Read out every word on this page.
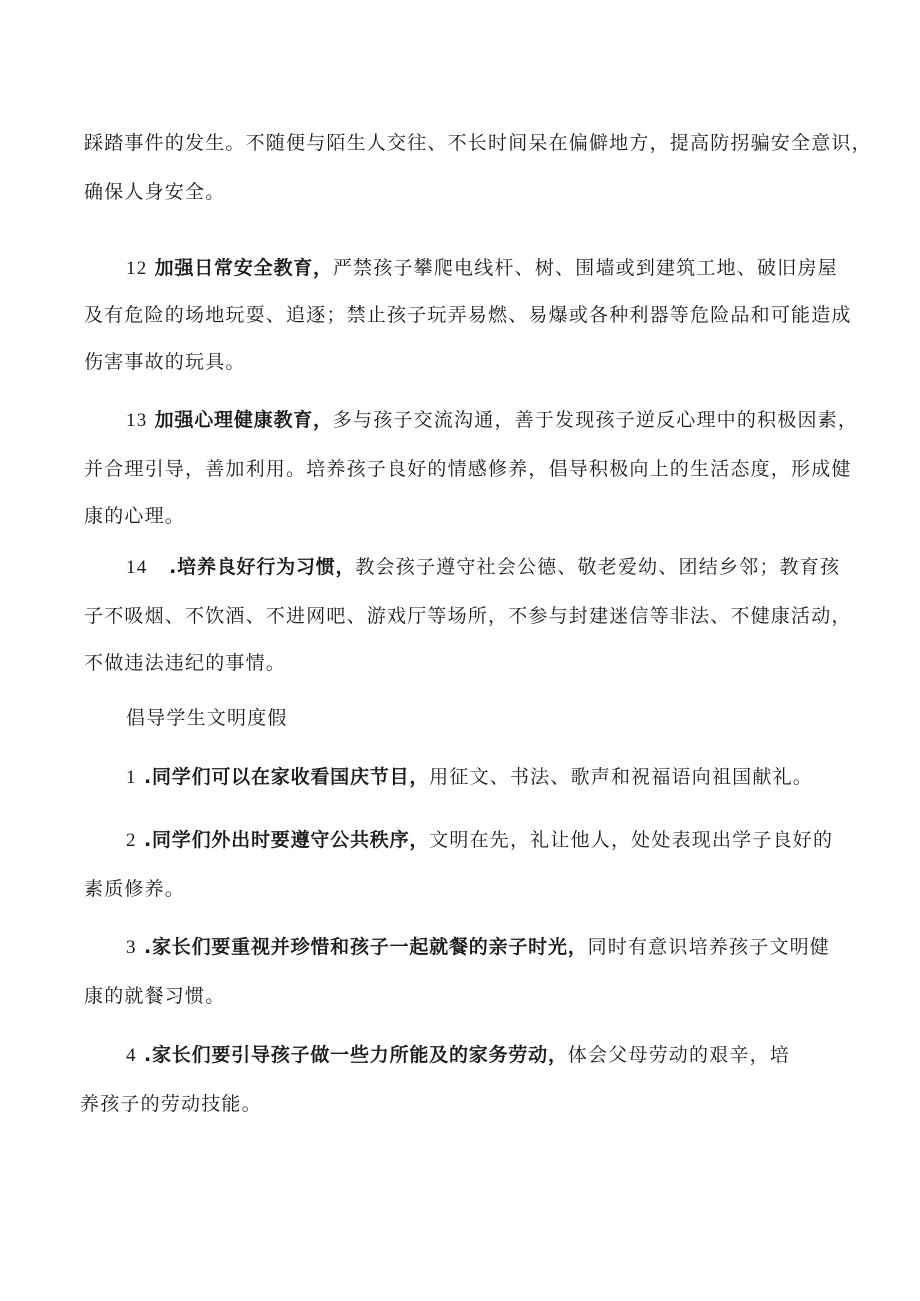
踩踏事件的发生。不随便与陌生人交往、不长时间呆在偏僻地方，提高防拐骗安全意识，
确保人身安全。
12 加强日常安全教育，严禁孩子攀爬电线杆、树、围墙或到建筑工地、破旧房屋
及有危险的场地玩耍、追逐；禁止孩子玩弄易燃、易爆或各种利器等危险品和可能造成
伤害事故的玩具。
13 加强心理健康教育，多与孩子交流沟通，善于发现孩子逆反心理中的积极因素，
并合理引导，善加利用。培养孩子良好的情感修养，倡导积极向上的生活态度，形成健
康的心理。
14 .培养良好行为习惯，教会孩子遵守社会公德、敬老爱幼、团结乡邻；教育孩
子不吸烟、不饮酒、不进网吧、游戏厅等场所，不参与封建迷信等非法、不健康活动，
不做违法违纪的事情。
倡导学生文明度假
1 .同学们可以在家收看国庆节目，用征文、书法、歌声和祝福语向祖国献礼。
2 .同学们外出时要遵守公共秩序，文明在先，礼让他人，处处表现出学子良好的
素质修养。
3 .家长们要重视并珍惜和孩子一起就餐的亲子时光，同时有意识培养孩子文明健
康的就餐习惯。
4 .家长们要引导孩子做一些力所能及的家务劳动，体会父母劳动的艰辛，培
养孩子的劳动技能。
